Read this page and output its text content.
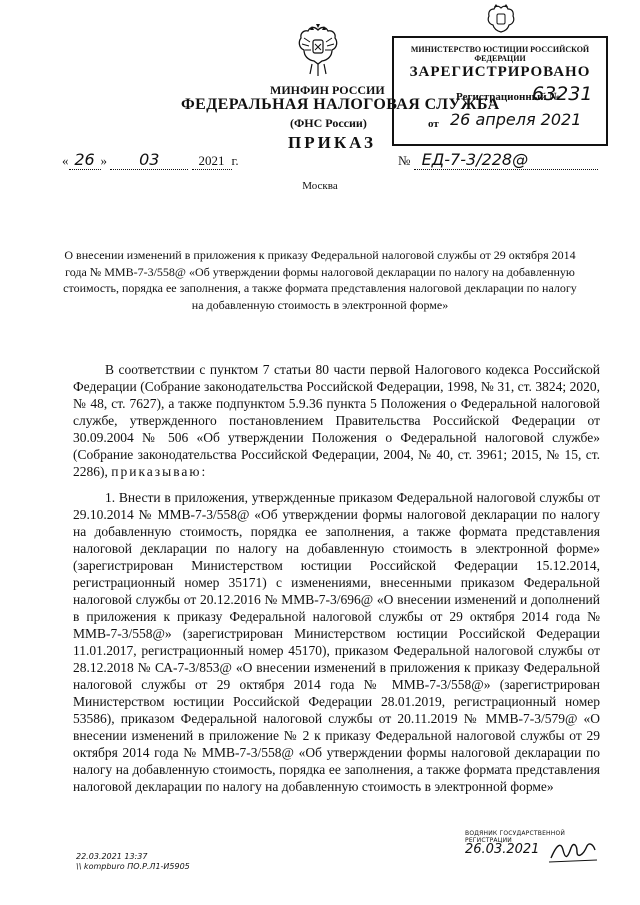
МИНФИН РОССИИ
ФЕДЕРАЛЬНАЯ НАЛОГОВАЯ СЛУЖБА
(ФНС России)
ПРИКАЗ
МИНИСТЕРСТВО ЮСТИЦИИ РОССИЙСКОЙ ФЕДЕРАЦИИ
ЗАРЕГИСТРИРОВАНО
Регистрационный №
63231
от 26 апреля 2021
« 26 » 03	2021 г.	№ ЕД-7-3/228@
Москва
О внесении изменений в приложения к приказу Федеральной налоговой службы от 29 октября 2014 года № ММВ-7-3/558@ «Об утверждении формы налоговой декларации по налогу на добавленную стоимость, порядка ее заполнения, а также формата представления налоговой декларации по налогу на добавленную стоимость в электронной форме»
В соответствии с пунктом 7 статьи 80 части первой Налогового кодекса Российской Федерации (Собрание законодательства Российской Федерации, 1998, № 31, ст. 3824; 2020, № 48, ст. 7627), а также подпунктом 5.9.36 пункта 5 Положения о Федеральной налоговой службе, утвержденного постановлением Правительства Российской Федерации от 30.09.2004 № 506 «Об утверждении Положения о Федеральной налоговой службе» (Собрание законодательства Российской Федерации, 2004, № 40, ст. 3961; 2015, № 15, ст. 2286), приказываю:
1. Внести в приложения, утвержденные приказом Федеральной налоговой службы от 29.10.2014 № ММВ-7-3/558@ «Об утверждении формы налоговой декларации по налогу на добавленную стоимость, порядка ее заполнения, а также формата представления налоговой декларации по налогу на добавленную стоимость в электронной форме» (зарегистрирован Министерством юстиции Российской Федерации 15.12.2014, регистрационный номер 35171) с изменениями, внесенными приказом Федеральной налоговой службы от 20.12.2016 № ММВ-7-3/696@ «О внесении изменений и дополнений в приложения к приказу Федеральной налоговой службы от 29 октября 2014 года № ММВ-7-3/558@» (зарегистрирован Министерством юстиции Российской Федерации 11.01.2017, регистрационный номер 45170), приказом Федеральной налоговой службы от 28.12.2018 № СА-7-3/853@ «О внесении изменений в приложения к приказу Федеральной налоговой службы от 29 октября 2014 года № ММВ-7-3/558@» (зарегистрирован Министерством юстиции Российской Федерации 28.01.2019, регистрационный номер 53586), приказом Федеральной налоговой службы от 20.11.2019 № ММВ-7-3/579@ «О внесении изменений в приложение № 2 к приказу Федеральной налоговой службы от 29 октября 2014 года № ММВ-7-3/558@ «Об утверждении формы налоговой декларации по налогу на добавленную стоимость, порядка ее заполнения, а также формата представления налоговой декларации по налогу на добавленную стоимость в электронной форме»
22.03.2021 13:37
\\ kompburo ПО.Р.Л1-И5905
ВОДЯНИК ГОСУДАРСТВЕННОЙ РЕГИСТРАЦИИ
26.03.2021
